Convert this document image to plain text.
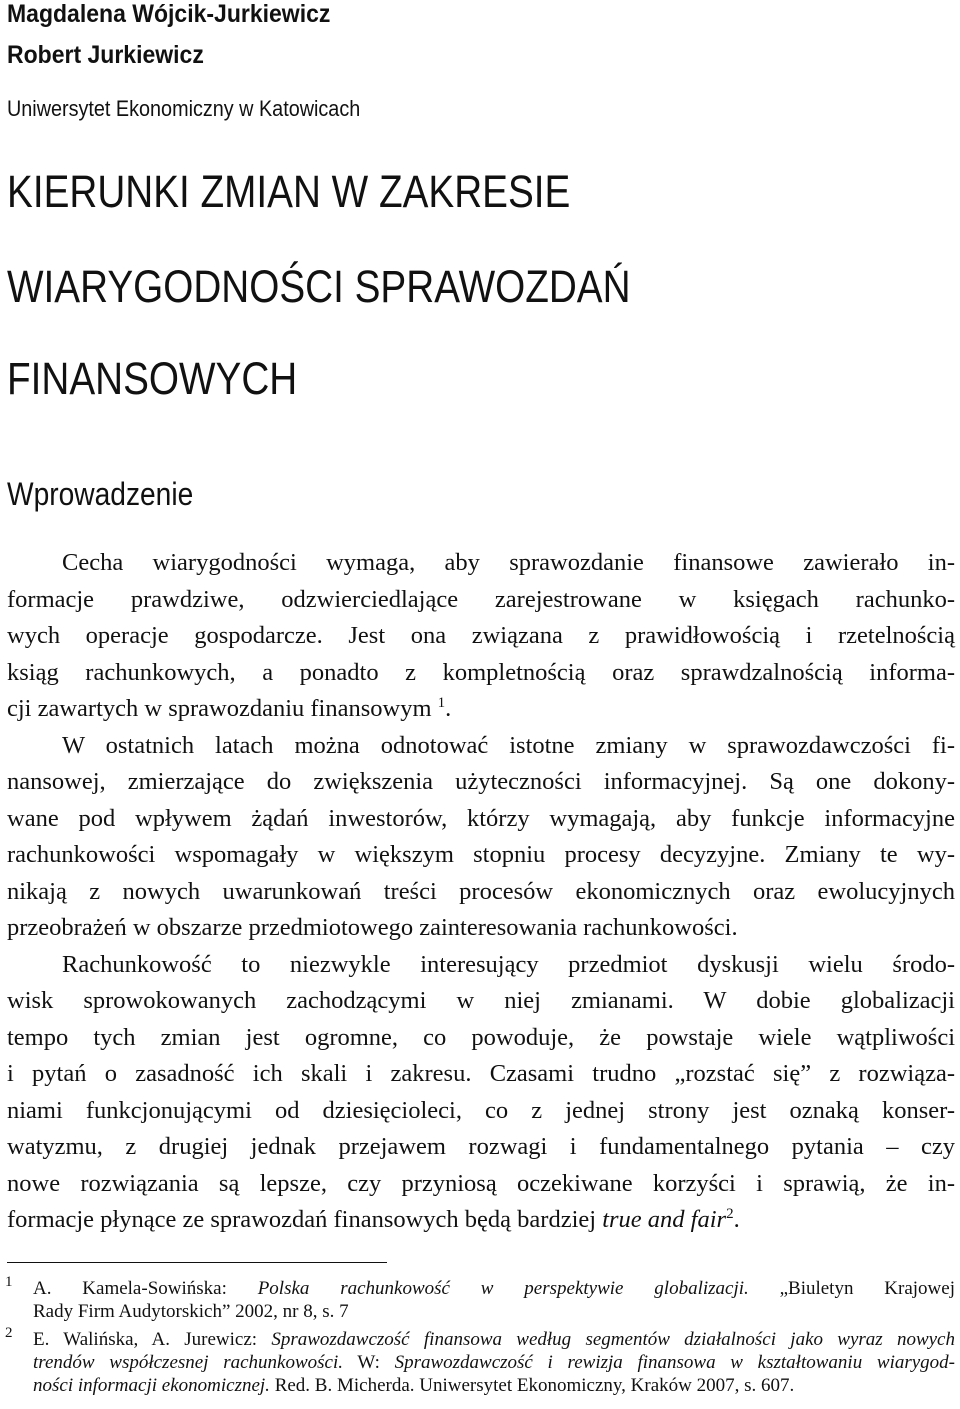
Magdalena Wójcik-Jurkiewicz
Robert Jurkiewicz
Uniwersytet Ekonomiczny w Katowicach
KIERUNKI ZMIAN W ZAKRESIE
WIARYGODNOŚCI SPRAWOZDAŃ
FINANSOWYCH
Wprowadzenie
Cecha wiarygodności wymaga, aby sprawozdanie finansowe zawierało in-
formacje prawdziwe, odzwierciedlające zarejestrowane w księgach rachunko-
wych operacje gospodarcze. Jest ona związana z prawidłowością i rzetelnością
ksiąg rachunkowych, a ponadto z kompletnością oraz sprawdzalnością informa-
cji zawartych w sprawozdaniu finansowym $^1$.
W ostatnich latach można odnotować istotne zmiany w sprawozdawczości fi-
nansowej, zmierzające do zwiększenia użyteczności informacyjnej. Są one dokony-
wane pod wpływem żądań inwestorów, którzy wymagają, aby funkcje informacyjne
rachunkowości wspomagały w większym stopniu procesy decyzyjne. Zmiany te wy-
nikają z nowych uwarunkowań treści procesów ekonomicznych oraz ewolucyjnych
przeobrażeń w obszarze przedmiotowego zainteresowania rachunkowości.
Rachunkowość to niezwykle interesujący przedmiot dyskusji wielu środo-
wisk sprowokowanych zachodzącymi w niej zmianami. W dobie globalizacji
tempo tych zmian jest ogromne, co powoduje, że powstaje wiele wątpliwości
i pytań o zasadność ich skali i zakresu. Czasami trudno „rozstać się” z rozwiąza-
niami funkcjonującymi od dziesięcioleci, co z jednej strony jest oznaką konser-
watyzmu, z drugiej jednak przejawem rozwagi i fundamentalnego pytania – czy
nowe rozwiązania są lepsze, czy przyniosą oczekiwane korzyści i sprawią, że in-
formacje płynące ze sprawozdań finansowych będą bardziej true and fair$^2$.
1 A. Kamela-Sowińska: Polska rachunkowość w perspektywie globalizacji. „Biuletyn Krajowej
Rady Firm Audytorskich” 2002, nr 8, s. 7
2 E. Walińska, A. Jurewicz: Sprawozdawczość finansowa według segmentów działalności jako wyraz nowych
trendów współczesnej rachunkowości. W: Sprawozdawczość i rewizja finansowa w kształtowaniu wiarygod-
ności informacji ekonomicznej. Red. B. Micherda. Uniwersytet Ekonomiczny, Kraków 2007, s. 607.
